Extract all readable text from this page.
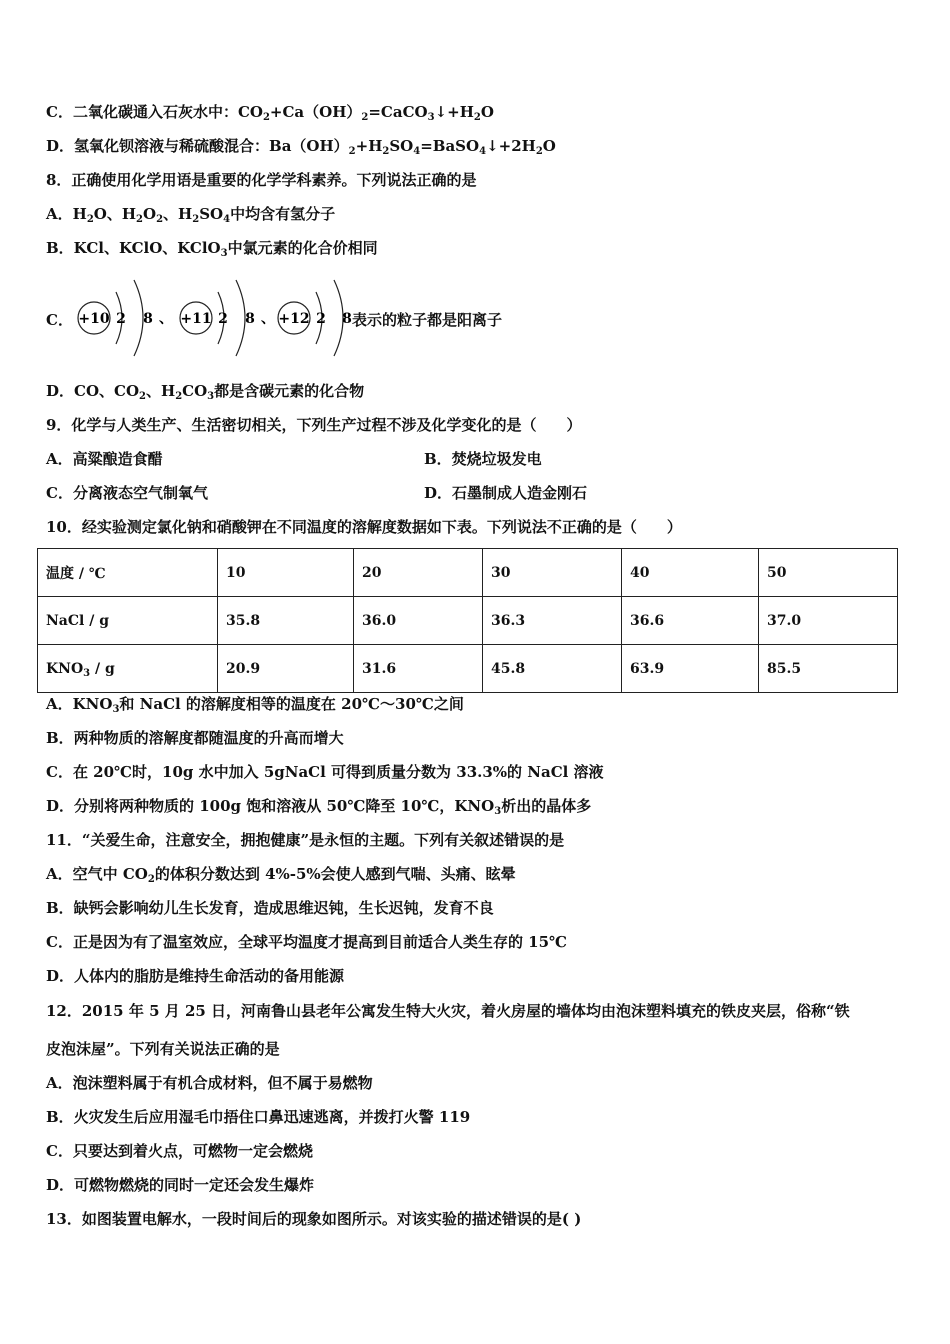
C．二氧化碳通入石灰水中：$CO_2+Ca(OH)_2=CaCO_3↓+H_2O$
D．氢氧化钡溶液与稀硫酸混合：$Ba(OH)_2+H_2SO_4=BaSO_4↓+2H_2O$
8．正确使用化学用语是重要的化学学科素养。下列说法正确的是
A．$H_2O$、$H_2O_2$、$H_2SO_4$中均含有氢分子
B．KCl、KClO、KClO$_3$中氯元素的化合价相同
C． +10 2 8 、 +11 2 8 、 +12 2 8 表示的粒子都是阳离子
D．CO、$CO_2$、$H_2CO_3$都是含碳元素的化合物
9．化学与人类生产、生活密切相关，下列生产过程不涉及化学变化的是（　　）
A．高粱酿造食醋	B．焚烧垃圾发电
C．分离液态空气制氧气	D．石墨制成人造金刚石
10．经实验测定氯化钠和硝酸钾在不同温度的溶解度数据如下表。下列说法不正确的是（　　）
温度 / ℃	10	20	30	40	50
NaCl / g	35.8	36.0	36.3	36.6	37.0
$KNO_3$ / g	20.9	31.6	45.8	63.9	85.5
A．$KNO_3$和 NaCl 的溶解度相等的温度在 20℃～30℃之间
B．两种物质的溶解度都随温度的升高而增大
C．在 20℃时，10g 水中加入 5gNaCl 可得到质量分数为 33.3%的 NaCl 溶液
D．分别将两种物质的 100g 饱和溶液从 50℃降至 10℃，$KNO_3$析出的晶体多
11．“关爱生命，注意安全，拥抱健康”是永恒的主题。下列有关叙述错误的是
A．空气中 $CO_2$的体积分数达到 4%-5%会使人感到气喘、头痛、眩晕
B．缺钙会影响幼儿生长发育，造成思维迟钝，生长迟钝，发育不良
C．正是因为有了温室效应，全球平均温度才提高到目前适合人类生存的 15℃
D．人体内的脂肪是维持生命活动的备用能源
12．2015 年 5 月 25 日，河南鲁山县老年公寓发生特大火灾，着火房屋的墙体均由泡沫塑料填充的铁皮夹层，俗称“铁
皮泡沫屋”。下列有关说法正确的是
A．泡沫塑料属于有机合成材料，但不属于易燃物
B．火灾发生后应用湿毛巾捂住口鼻迅速逃离，并拨打火警 119
C．只要达到着火点，可燃物一定会燃烧
D．可燃物燃烧的同时一定还会发生爆炸
13．如图装置电解水，一段时间后的现象如图所示。对该实验的描述错误的是( )
